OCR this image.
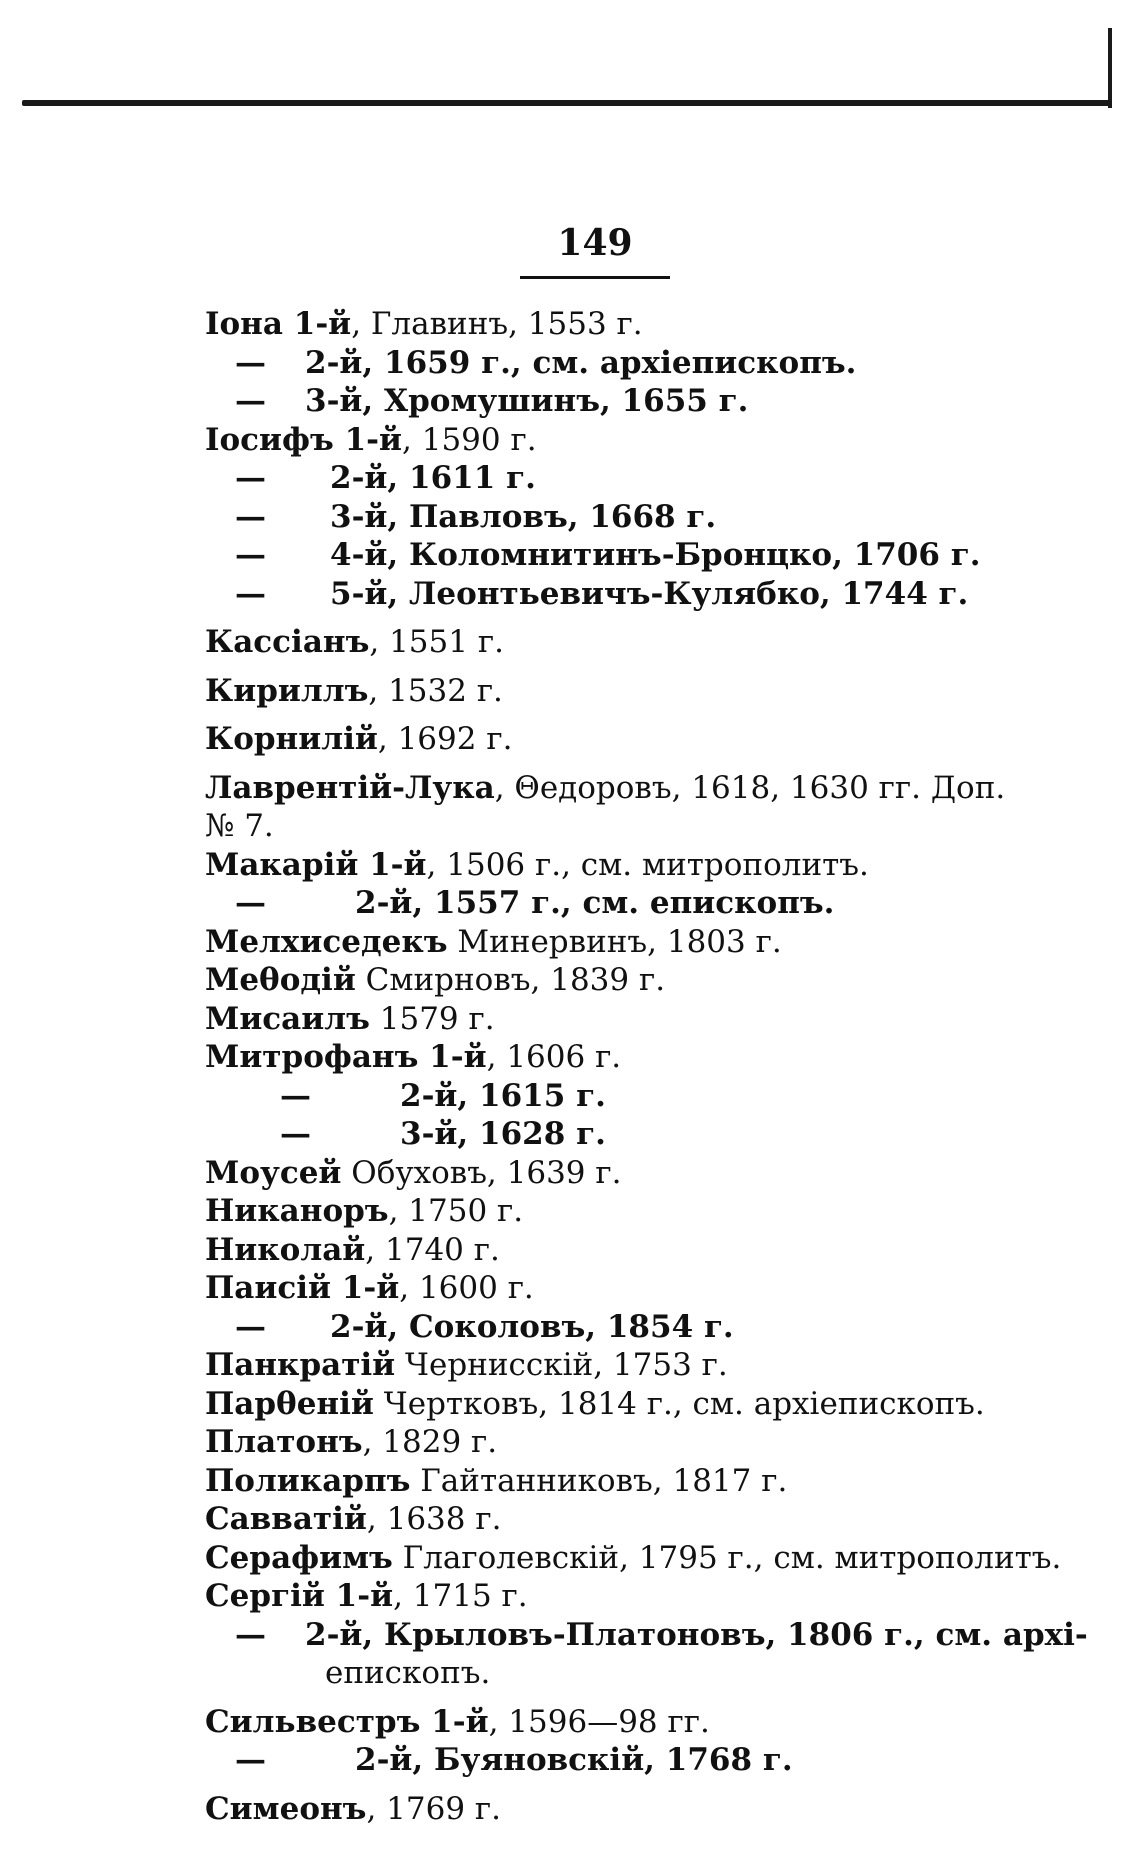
149
Іона 1-й, Главинъ, 1553 г.
— 2-й, 1659 г., см. архіепископъ.
— 3-й, Хромушинъ, 1655 г.
Іосифъ 1-й, 1590 г.
— 2-й, 1611 г.
— 3-й, Павловъ, 1668 г.
— 4-й, Коломнитинъ-Бронцко, 1706 г.
— 5-й, Леонтьевичъ-Кулябко, 1744 г.
Кассіанъ, 1551 г.
Кириллъ, 1532 г.
Корнилій, 1692 г.
Лаврентій-Лука, Θедоровъ, 1618, 1630 гг. Доп.
№ 7.
Макарій 1-й, 1506 г., см. митрополитъ.
—	2-й, 1557 г., см. епископъ.
Мелхиседекъ Минервинъ, 1803 г.
Меθодій Смирновъ, 1839 г.
Мисаилъ 1579 г.
Митрофанъ 1-й, 1606 г.
—	2-й, 1615 г.
—	3-й, 1628 г.
Моусей Обуховъ, 1639 г.
Никаноръ, 1750 г.
Николай, 1740 г.
Паисій 1-й, 1600 г.
— 2-й, Соколовъ, 1854 г.
Панкратій Чернисскій, 1753 г.
Парθеній Чертковъ, 1814 г., см. архіепископъ.
Платонъ, 1829 г.
Поликарпъ Гайтанниковъ, 1817 г.
Савватій, 1638 г.
Серафимъ Глаголевскій, 1795 г., см. митрополитъ.
Сергій 1-й, 1715 г.
— 2-й, Крыловъ-Платоновъ, 1806 г., см. архі-
епископъ.
Сильвестръ 1-й, 1596—98 гг.
—	2-й, Буяновскій, 1768 г.
Симеонъ, 1769 г.
